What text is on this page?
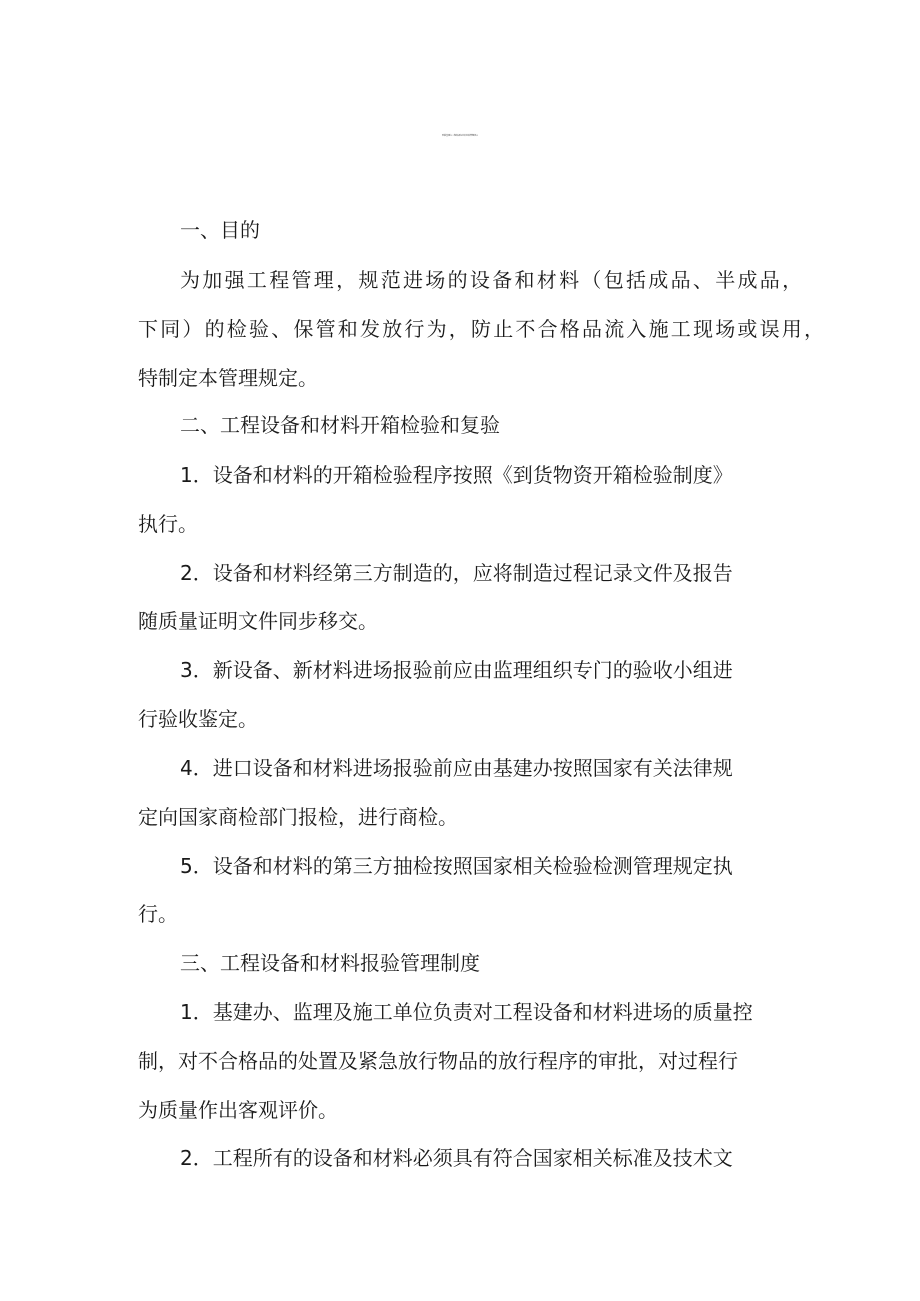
医院基建办工程设备和材料验收管理规定
一、目的
为加强工程管理，规范进场的设备和材料（包括成品、半成品，
下同）的检验、保管和发放行为，防止不合格品流入施工现场或误用，
特制定本管理规定。
二、工程设备和材料开箱检验和复验
1．设备和材料的开箱检验程序按照《到货物资开箱检验制度》
执行。
2．设备和材料经第三方制造的，应将制造过程记录文件及报告
随质量证明文件同步移交。
3．新设备、新材料进场报验前应由监理组织专门的验收小组进
行验收鉴定。
4．进口设备和材料进场报验前应由基建办按照国家有关法律规
定向国家商检部门报检，进行商检。
5．设备和材料的第三方抽检按照国家相关检验检测管理规定执
行。
三、工程设备和材料报验管理制度
1．基建办、监理及施工单位负责对工程设备和材料进场的质量控
制，对不合格品的处置及紧急放行物品的放行程序的审批，对过程行
为质量作出客观评价。
2．工程所有的设备和材料必须具有符合国家相关标准及技术文
